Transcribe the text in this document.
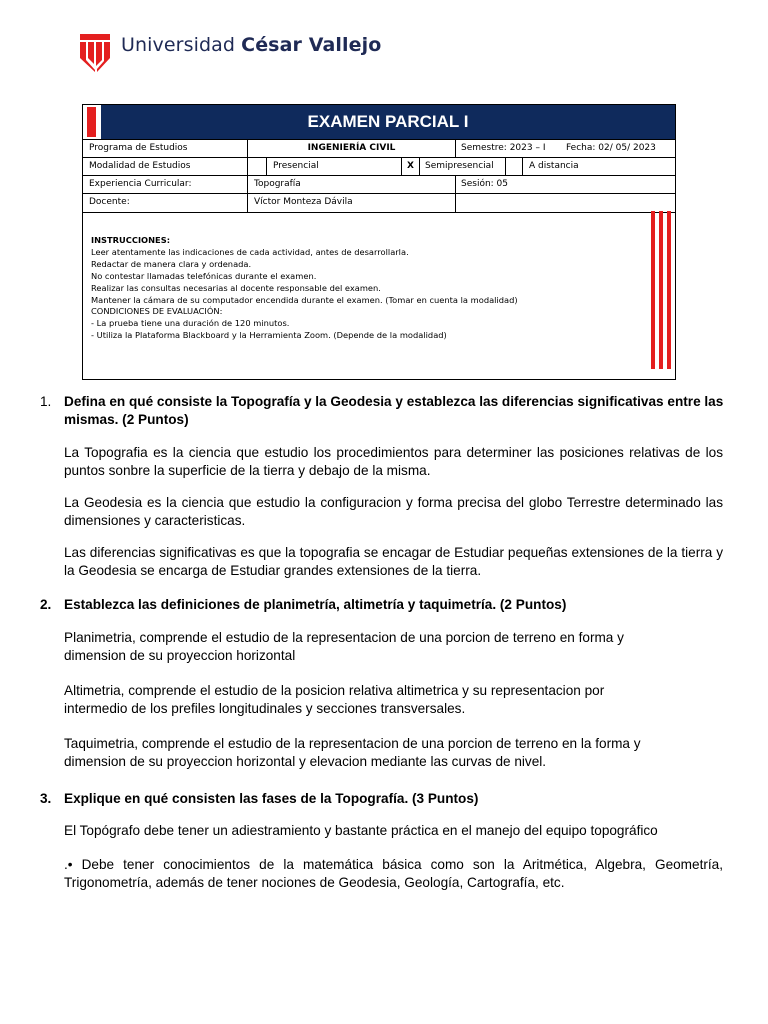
Universidad César Vallejo
EXAMEN PARCIAL I
Programa de Estudios	INGENIERÍA CIVIL	Semestre: 2023 – I	Fecha: 02/ 05/ 2023
Modalidad de Estudios	Presencial	X	Semipresencial	A distancia
Experiencia Curricular:	Topografía	Sesión: 05
Docente:	Víctor Monteza Dávila
INSTRUCCIONES:
Leer atentamente las indicaciones de cada actividad, antes de desarrollarla.
Redactar de manera clara y ordenada.
No contestar llamadas telefónicas durante el examen.
Realizar las consultas necesarias al docente responsable del examen.
Mantener la cámara de su computador encendida durante el examen. (Tomar en cuenta la modalidad)
CONDICIONES DE EVALUACIÓN:
- La prueba tiene una duración de 120 minutos.
- Utiliza la Plataforma Blackboard y la Herramienta Zoom. (Depende de la modalidad)
1. Defina en qué consiste la Topografía y la Geodesia y establezca las diferencias significativas entre las mismas. (2 Puntos)
La Topografia es la ciencia que estudio los procedimientos para determiner las posiciones relativas de los puntos sonbre la superficie de la tierra y debajo de la misma.
La Geodesia es la ciencia que estudio la configuracion y forma precisa del globo Terrestre determinado las dimensiones y caracteristicas.
Las diferencias significativas es que la topografia se encagar de Estudiar pequeñas extensiones de la tierra y la Geodesia se encarga de Estudiar grandes extensiones de la tierra.
2. Establezca las definiciones de planimetría, altimetría y taquimetría. (2 Puntos)
Planimetria, comprende el estudio de la representacion de una porcion de terreno en forma y dimension de su proyeccion horizontal
Altimetria, comprende el estudio de la posicion relativa altimetrica y su representacion por intermedio de los prefiles longitudinales y secciones transversales.
Taquimetria, comprende el estudio de la representacion de una porcion de terreno en la forma y dimension de su proyeccion horizontal y elevacion mediante las curvas de nivel.
3. Explique en qué consisten las fases de la Topografía. (3 Puntos)
El Topógrafo debe tener un adiestramiento y bastante práctica en el manejo del equipo topográfico
.• Debe tener conocimientos de la matemática básica como son la Aritmética, Algebra, Geometría, Trigonometría, además de tener nociones de Geodesia, Geología, Cartografía, etc.
